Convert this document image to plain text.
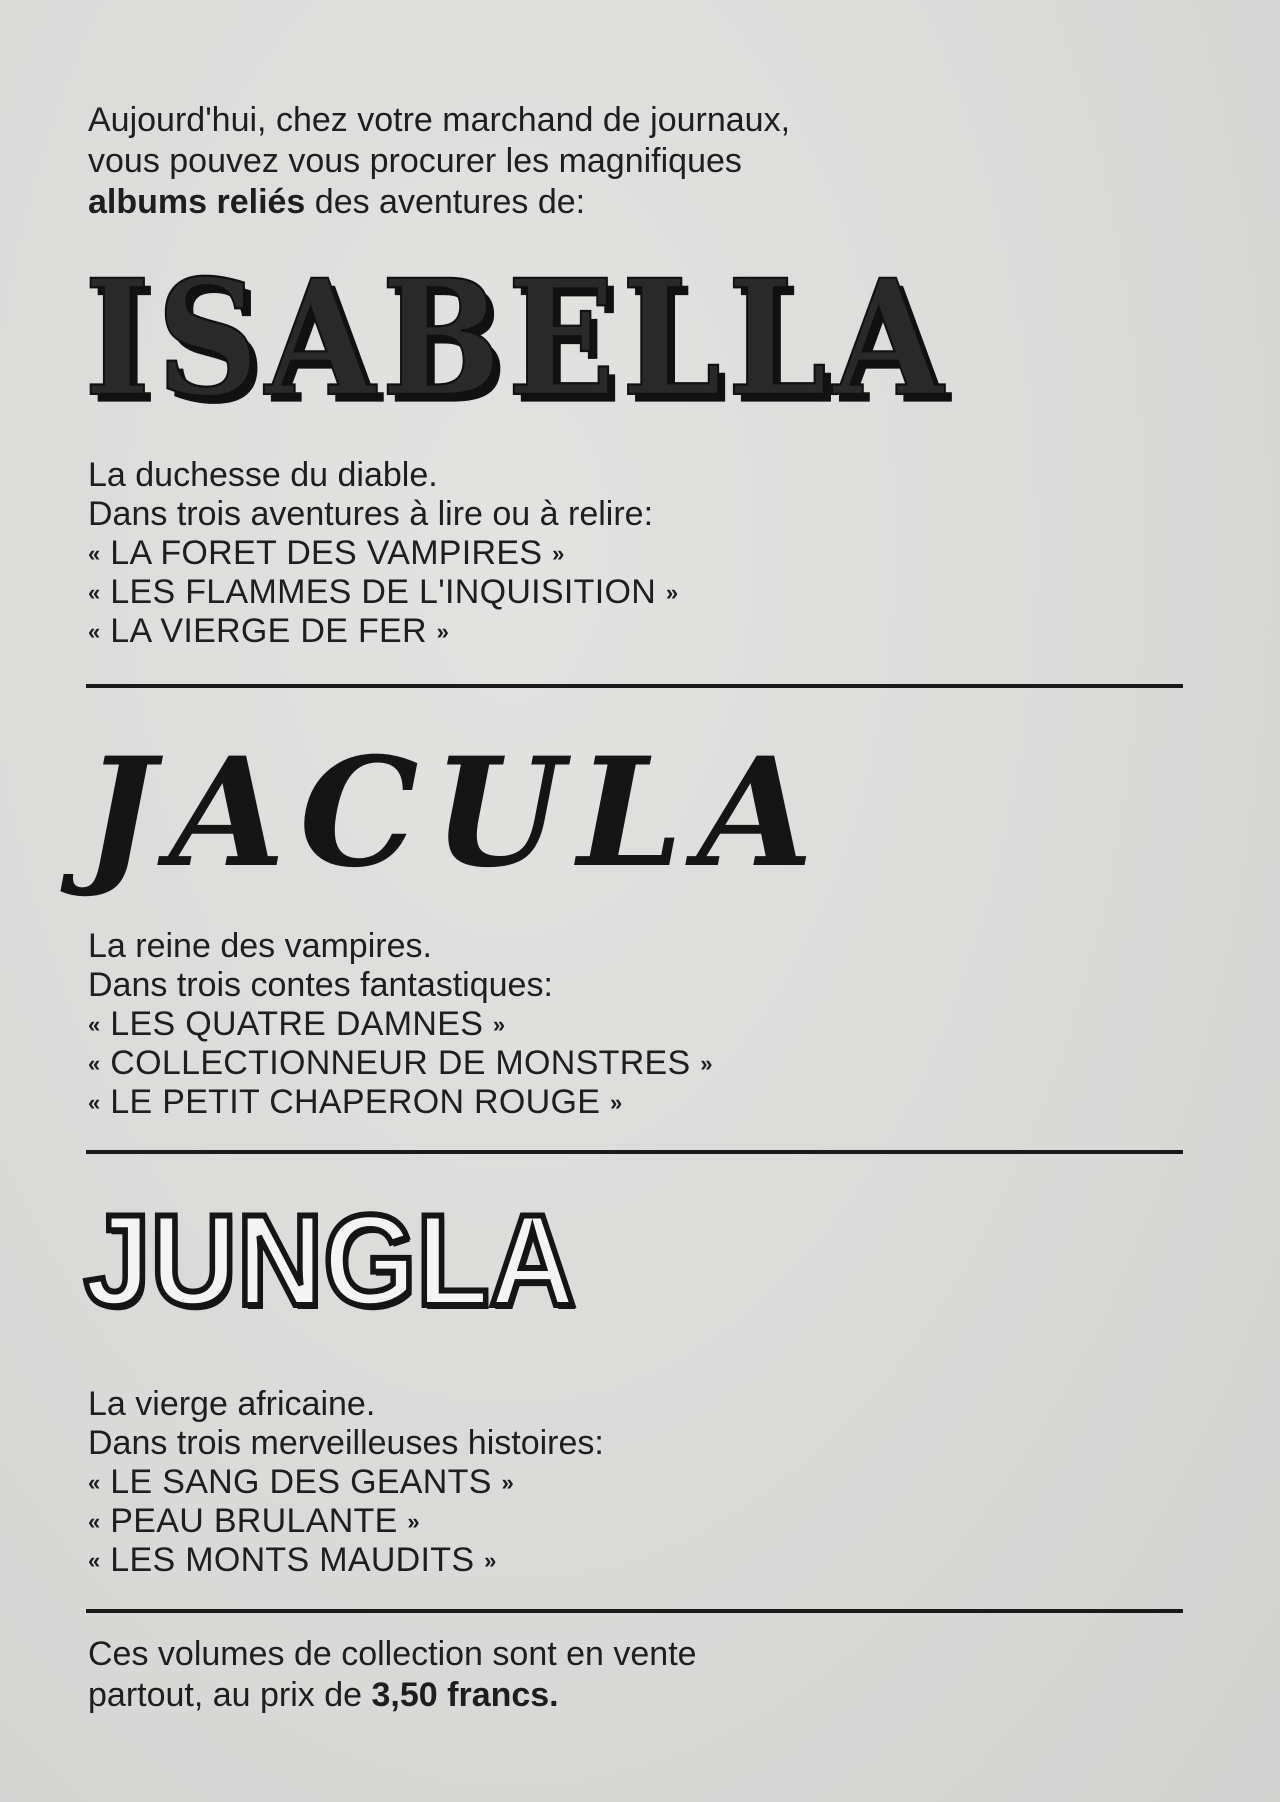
Aujourd'hui, chez votre marchand de journaux,
vous pouvez vous procurer les magnifiques
albums reliés des aventures de:
ISABELLA
La duchesse du diable.
Dans trois aventures à lire ou à relire:
« LA FORET DES VAMPIRES »
« LES FLAMMES DE L'INQUISITION »
« LA VIERGE DE FER »
JACULA
La reine des vampires.
Dans trois contes fantastiques:
« LES QUATRE DAMNES »
« COLLECTIONNEUR DE MONSTRES »
« LE PETIT CHAPERON ROUGE »
JUNGLA
La vierge africaine.
Dans trois merveilleuses histoires:
« LE SANG DES GEANTS »
« PEAU BRULANTE »
« LES MONTS MAUDITS »
Ces volumes de collection sont en vente
partout, au prix de 3,50 francs.
